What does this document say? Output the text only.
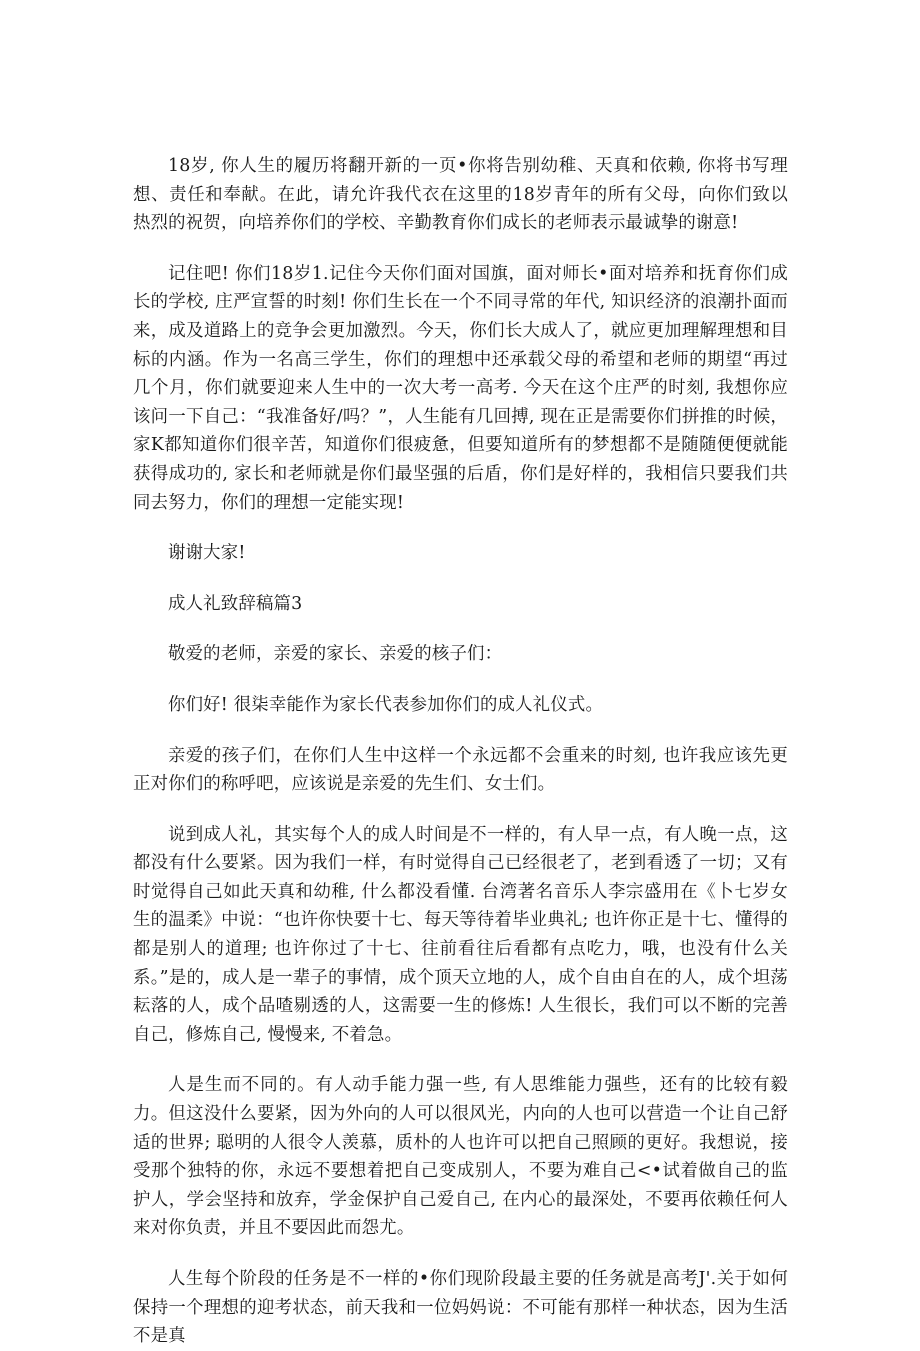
18岁, 你人生的履历将翻开新的一页•你将告别幼稚、天真和依赖, 你将书写理想、责任和奉献。在此，请允许我代衣在这里的18岁青年的所有父母，向你们致以热烈的祝贺，向培养你们的学校、辛勤教育你们成长的老师表示最诚挚的谢意!

记住吧! 你们18岁1.记住今天你们面对国旗，面对师长•面对培养和抚育你们成长的学校, 庄严宣誓的时刻! 你们生长在一个不同寻常的年代, 知识经济的浪潮扑面而来，成及道路上的竞争会更加激烈。今天，你们长大成人了，就应更加理解理想和目标的内涵。作为一名高三学生，你们的理想中还承载父母的希望和老师的期望“再过几个月，你们就要迎来人生中的一次大考一高考. 今天在这个庄严的时刻, 我想你应该问一下自己：“我准备好/吗？”，人生能有几回搏, 现在正是需要你们拼推的时候，家K都知道你们很辛苦，知道你们很疲惫，但要知道所有的梦想都不是随随便便就能获得成功的, 家长和老师就是你们最坚强的后盾，你们是好样的，我相信只要我们共同去努力，你们的理想一定能实现!

谢谢大家!

成人礼致辞稿篇3

敬爱的老师，亲爱的家长、亲爱的核子们：

你们好! 很柒幸能作为家长代表参加你们的成人礼仪式。

亲爱的孩子们，在你们人生中这样一个永远都不会重来的时刻, 也许我应该先更正对你们的称呼吧，应该说是亲爱的先生们、女士们。

说到成人礼，其实每个人的成人时间是不一样的，有人早一点，有人晚一点，这都没有什么要紧。因为我们一样，有时觉得自己已经很老了，老到看透了一切；又有时觉得自己如此天真和幼稚, 什么都没看懂. 台湾著名音乐人李宗盛用在《卜七岁女生的温柔》中说：“也许你快要十七、每天等待着毕业典礼; 也许你正是十七、懂得的都是别人的道理; 也许你过了十七、往前看往后看都有点吃力，哦，也没有什么关系。”是的，成人是一辈子的事情，成个顶天立地的人，成个自由自在的人，成个坦荡耘落的人，成个品喳剔透的人，这需要一生的修炼! 人生很长，我们可以不断的完善自己，修炼自己, 慢慢来, 不着急。

人是生而不同的。有人动手能力强一些, 有人思维能力强些，还有的比较有毅力。但这没什么要紧，因为外向的人可以很风光，内向的人也可以营造一个让自己舒适的世界; 聪明的人很令人羡慕，质朴的人也许可以把自己照顾的更好。我想说，接受那个独特的你，永远不要想着把自己变成别人，不要为难自己<•试着做自己的监护人，学会坚持和放弃，学金保护自己爱自己, 在内心的最深处，不要再依赖任何人来对你负责，并且不要因此而怨尤。

人生每个阶段的任务是不一样的•你们现阶段最主要的任务就是高考J'.关于如何保持一个理想的迎考状态，前天我和一位妈妈说：不可能有那样一种状态，因为生活不是真
